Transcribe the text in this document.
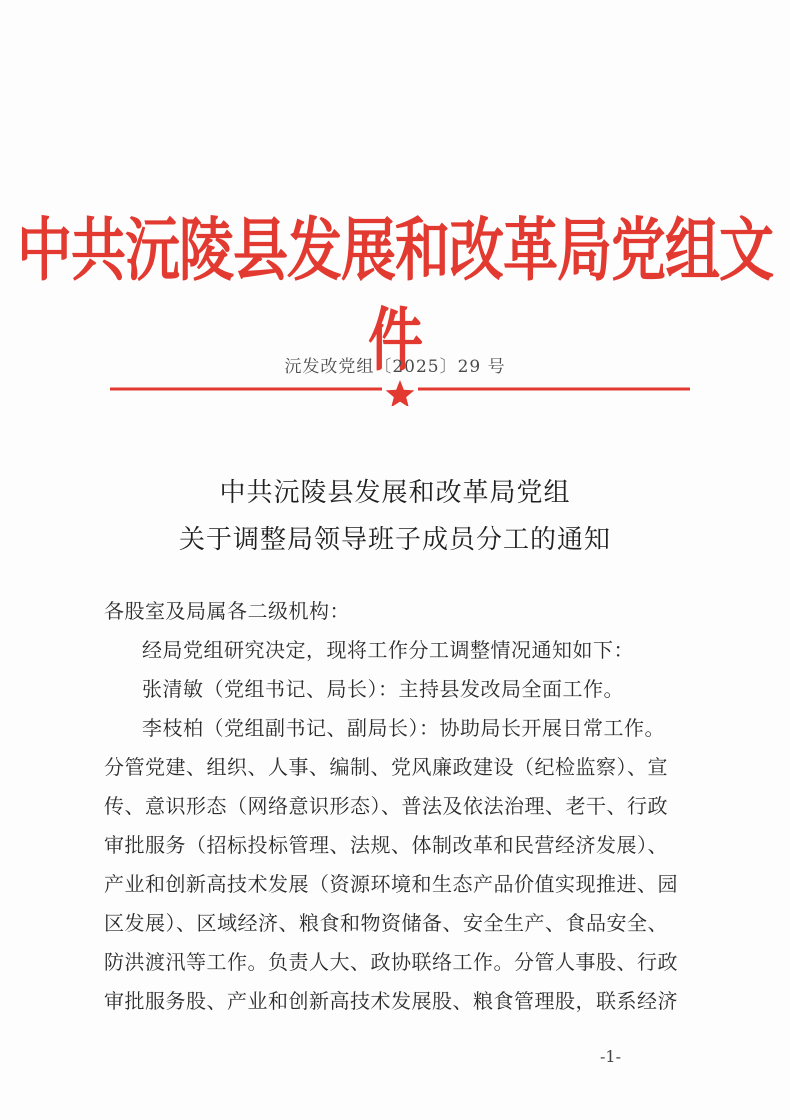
中共沅陵县发展和改革局党组文件
沅发改党组〔2025〕29 号
中共沅陵县发展和改革局党组
关于调整局领导班子成员分工的通知
各股室及局属各二级机构：
经局党组研究决定，现将工作分工调整情况通知如下：
张清敏（党组书记、局长）：主持县发改局全面工作。
李枝柏（党组副书记、副局长）：协助局长开展日常工作。
分管党建、组织、人事、编制、党风廉政建设（纪检监察）、宣
传、意识形态（网络意识形态）、普法及依法治理、老干、行政
审批服务（招标投标管理、法规、体制改革和民营经济发展）、
产业和创新高技术发展（资源环境和生态产品价值实现推进、园
区发展）、区域经济、粮食和物资储备、安全生产、食品安全、
防洪渡汛等工作。负责人大、政协联络工作。分管人事股、行政
审批服务股、产业和创新高技术发展股、粮食管理股，联系经济
-1-
